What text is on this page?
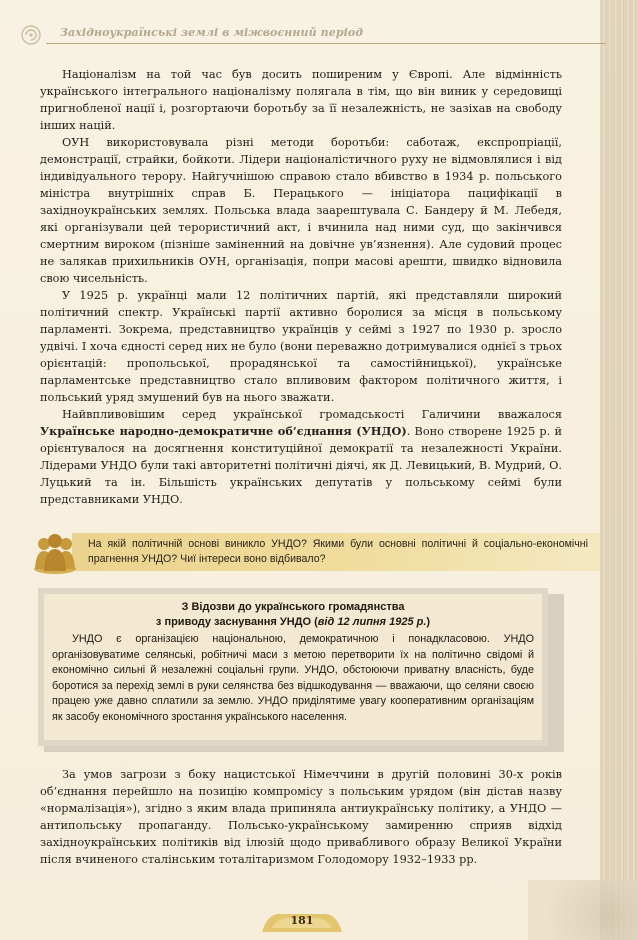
Західноукраїнські землі в міжвоєнний період

Націоналізм на той час був досить поширеним у Європі. Але відмінність українського інтегрального націоналізму полягала в тім, що він виник у середовищі пригнобленої нації і, розгортаючи боротьбу за її незалежність, не зазіхав на свободу інших націй.

ОУН використовувала різні методи боротьби: саботаж, експропріації, демонстрації, страйки, бойкоти. Лідери націоналістичного руху не відмовлялися і від індивідуального терору. Найгучнішою справою стало вбивство в 1934 р. польського міністра внутрішніх справ Б. Перацького — ініціатора пацифікації в західноукраїнських землях. Польська влада заарештувала С. Бандеру й М. Лебедя, які організували цей терористичний акт, і вчинила над ними суд, що закінчився смертним вироком (пізніше заміненний на довічне ув’язнення). Але судовий процес не залякав прихильників ОУН, організація, попри масові арешти, швидко відновила свою чисельність.

У 1925 р. українці мали 12 політичних партій, які представляли широкий політичний спектр. Українські партії активно боролися за місця в польському парламенті. Зокрема, представництво українців у сеймі з 1927 по 1930 р. зросло удвічі. І хоча єдності серед них не було (вони переважно дотримувалися однієї з трьох орієнтацій: пропольської, прорадянської та самостійницької), українське парламентське представництво стало впливовим фактором політичного життя, і польський уряд змушений був на нього зважати.

Найвпливовішим серед української громадськості Галичини вважалося Українське народно-демократичне об’єднання (УНДО). Воно створене 1925 р. й орієнтувалося на досягнення конституційної демократії та незалежності України. Лідерами УНДО були такі авторитетні політичні діячі, як Д. Левицький, В. Мудрий, О. Луцький та ін. Більшість українських депутатів у польському сеймі були представниками УНДО.

На якій політичній основі виникло УНДО? Якими були основні політичні й соціально-економічні прагнення УНДО? Чиї інтереси воно відбивало?
З Відозви до українського громадянства
з приводу заснування УНДО (від 12 липня 1925 р.)
УНДО є організацією національною, демократичною і понадкласовою. УНДО організовуватиме селянські, робітничі маси з метою перетворити їх на політично свідомі й економічно сильні й незалежні соціальні групи. УНДО, обстоюючи приватну власність, буде боротися за перехід землі в руки селянства без відшкодування — вважаючи, що селяни своєю працею уже давно сплатили за землю. УНДО приділятиме увагу кооперативним організаціям як засобу економічного зростання українського населення.

За умов загрози з боку нацистської Німеччини в другій половині 30-х років об’єднання перейшло на позицію компромісу з польським урядом (він дістав назву «нормалізація»), згідно з яким влада припиняла антиукраїнську політику, а УНДО — антипольську пропаганду. Польсько-українському замиренню сприяв відхід західноукраїнських політиків від ілюзій щодо привабливого образу Великої України після вчиненого сталінським тоталітаризмом Голодомору 1932–1933 рр.

181
